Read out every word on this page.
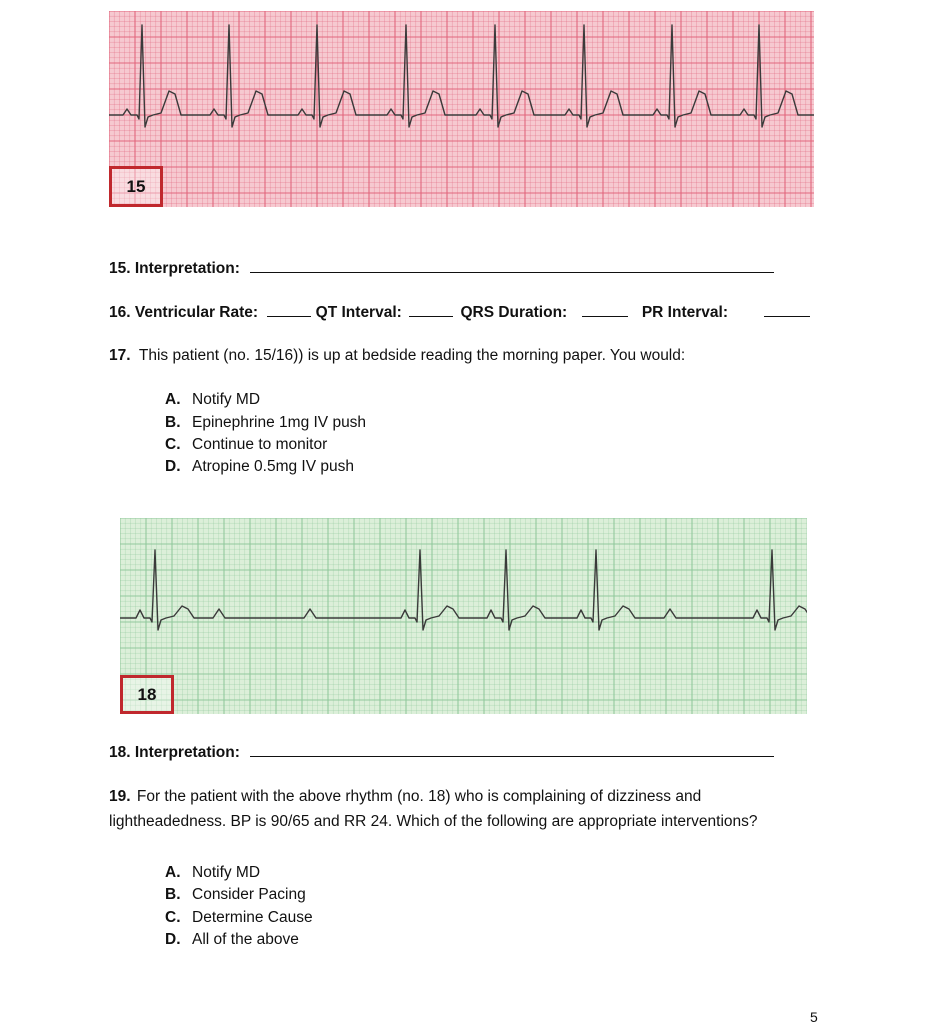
15
15. Interpretation:
16. Ventricular Rate:	QT Interval:	QRS Duration:	PR Interval:
17. This patient (no. 15/16)) is up at bedside reading the morning paper. You would:
A. Notify MD
B. Epinephrine 1mg IV push
C. Continue to monitor
D. Atropine 0.5mg IV push
18
18. Interpretation:
19. For the patient with the above rhythm (no. 18) who is complaining of dizziness and
lightheadedness. BP is 90/65 and RR 24. Which of the following are appropriate interventions?
A. Notify MD
B. Consider Pacing
C. Determine Cause
D. All of the above
5
